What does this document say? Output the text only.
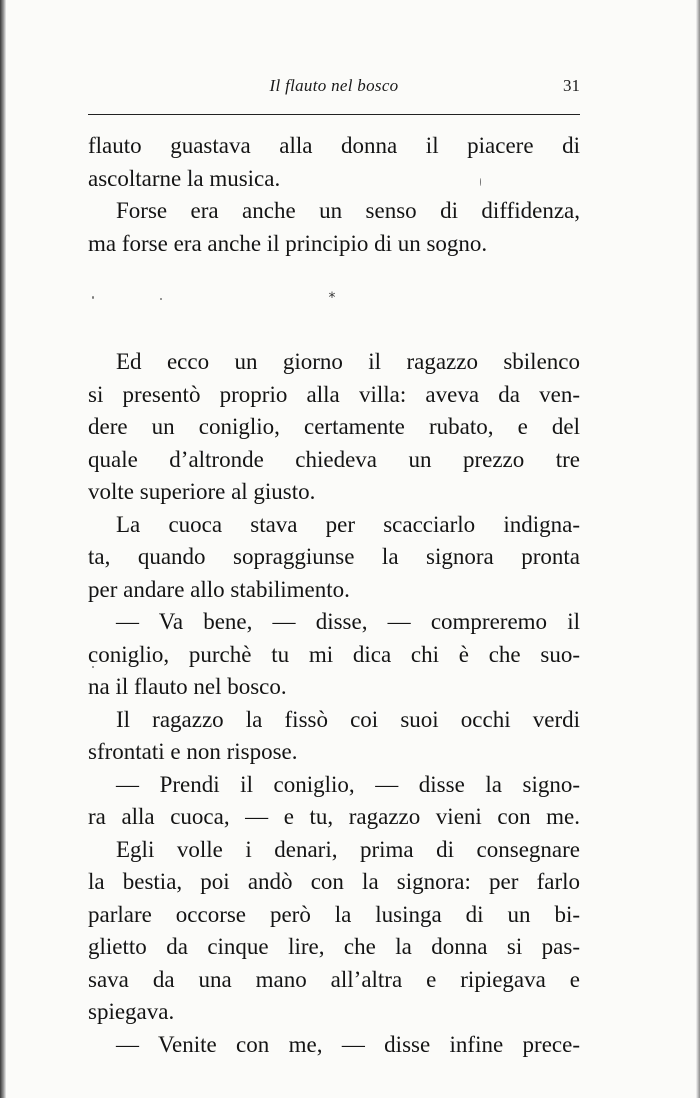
Il flauto nel bosco	31
flauto guastava alla donna il piacere di
ascoltarne la musica.
Forse era anche un senso di diffidenza,
ma forse era anche il principio di un sogno.
*
Ed ecco un giorno il ragazzo sbilenco
si presentò proprio alla villa: aveva da ven-
dere un coniglio, certamente rubato, e del
quale d’altronde chiedeva un prezzo tre
volte superiore al giusto.
La cuoca stava per scacciarlo indigna-
ta, quando sopraggiunse la signora pronta
per andare allo stabilimento.
— Va bene, — disse, — compreremo il
coniglio, purchè tu mi dica chi è che suo-
na il flauto nel bosco.
Il ragazzo la fissò coi suoi occhi verdi
sfrontati e non rispose.
— Prendi il coniglio, — disse la signo-
ra alla cuoca, — e tu, ragazzo vieni con me.
Egli volle i denari, prima di consegnare
la bestia, poi andò con la signora: per farlo
parlare occorse però la lusinga di un bi-
glietto da cinque lire, che la donna si pas-
sava da una mano all’altra e ripiegava e
spiegava.
— Venite con me, — disse infine prece-
